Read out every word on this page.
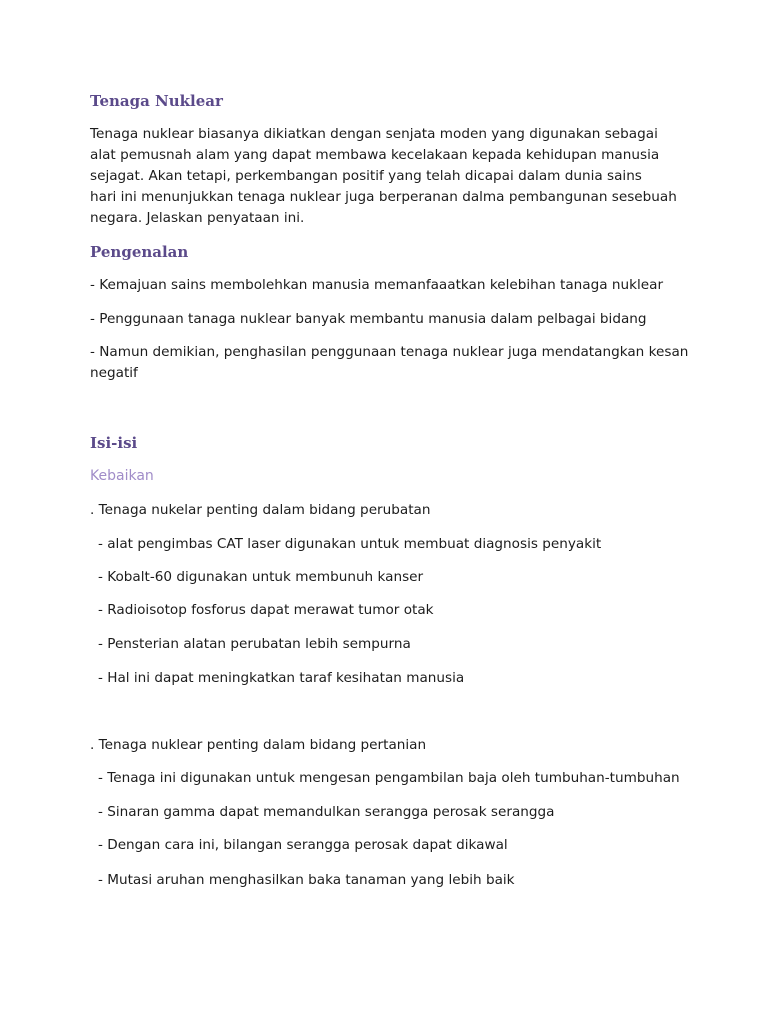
Tenaga Nuklear
Tenaga nuklear biasanya dikiatkan dengan senjata moden yang digunakan sebagai
alat pemusnah alam yang dapat membawa kecelakaan kepada kehidupan manusia
sejagat. Akan tetapi, perkembangan positif yang telah dicapai dalam dunia sains
hari ini menunjukkan tenaga nuklear juga berperanan dalma pembangunan sesebuah
negara. Jelaskan penyataan ini.
Pengenalan
- Kemajuan sains membolehkan manusia memanfaaatkan kelebihan tanaga nuklear
- Penggunaan tanaga nuklear banyak membantu manusia dalam pelbagai bidang
- Namun demikian, penghasilan penggunaan tenaga nuklear juga mendatangkan kesan
negatif
Isi-isi
Kebaikan
. Tenaga nukelar penting dalam bidang perubatan
- alat pengimbas CAT laser digunakan untuk membuat diagnosis penyakit
- Kobalt-60 digunakan untuk membunuh kanser
- Radioisotop fosforus dapat merawat tumor otak
- Pensterian alatan perubatan lebih sempurna
- Hal ini dapat meningkatkan taraf kesihatan manusia
. Tenaga nuklear penting dalam bidang pertanian
- Tenaga ini digunakan untuk mengesan pengambilan baja oleh tumbuhan-tumbuhan
- Sinaran gamma dapat memandulkan serangga perosak serangga
- Dengan cara ini, bilangan serangga perosak dapat dikawal
- Mutasi aruhan menghasilkan baka tanaman yang lebih baik
